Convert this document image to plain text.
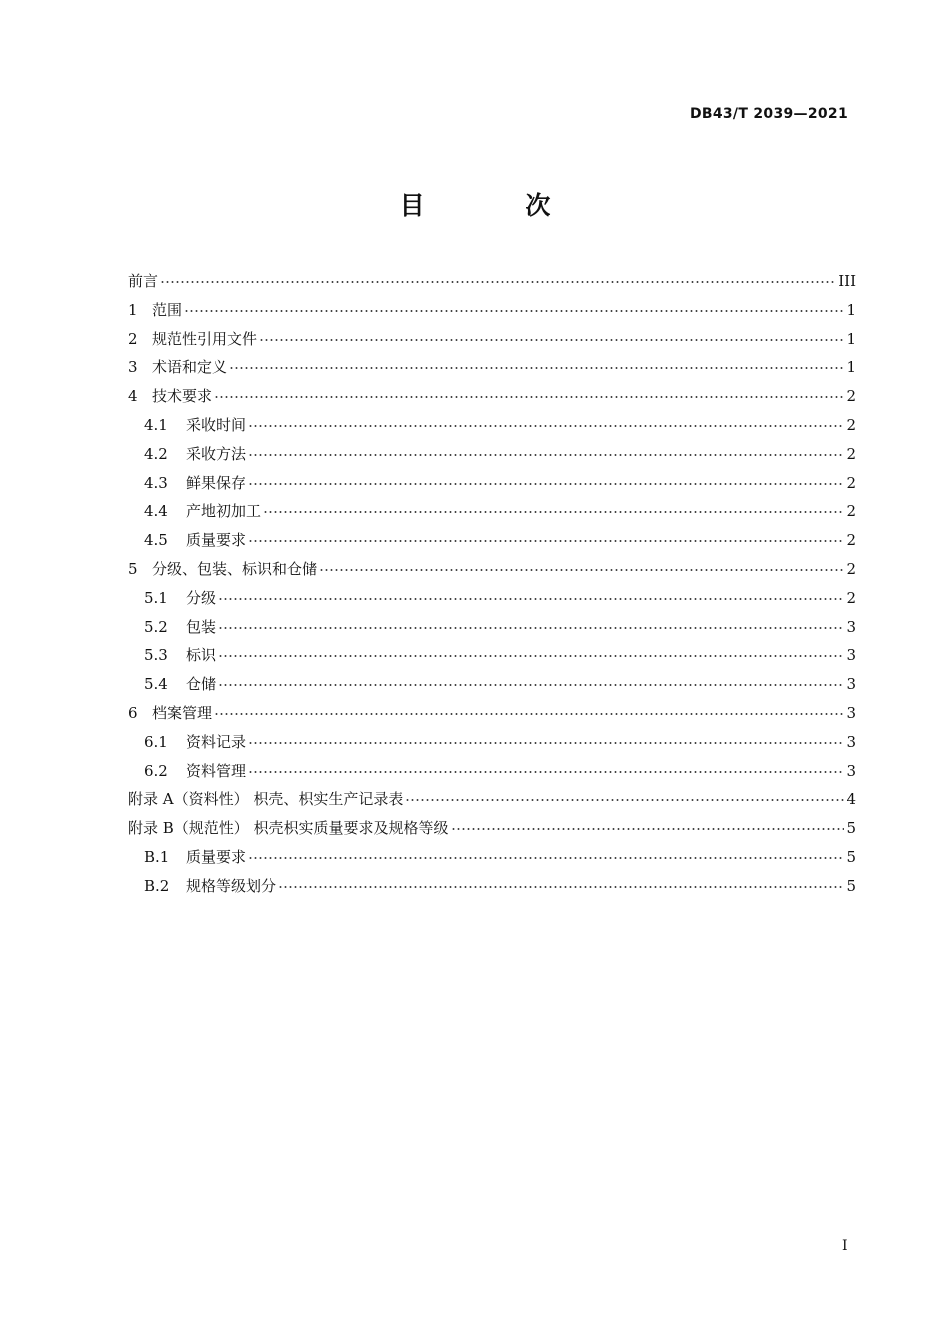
DB43/T 2039—2021
目 次
前言	III
1 范围	1
2 规范性引用文件	1
3 术语和定义	1
4 技术要求	2
4.1	采收时间	2
4.2	采收方法	2
4.3	鲜果保存	2
4.4	产地初加工	2
4.5	质量要求	2
5 分级、包装、标识和仓储	2
5.1	分级	2
5.2	包装	3
5.3	标识	3
5.4	仓储	3
6 档案管理	3
6.1	资料记录	3
6.2	资料管理	3
附录 A（资料性） 枳壳、枳实生产记录表	4
附录 B（规范性） 枳壳枳实质量要求及规格等级	5
B.1	质量要求	5
B.2	规格等级划分	5
I
